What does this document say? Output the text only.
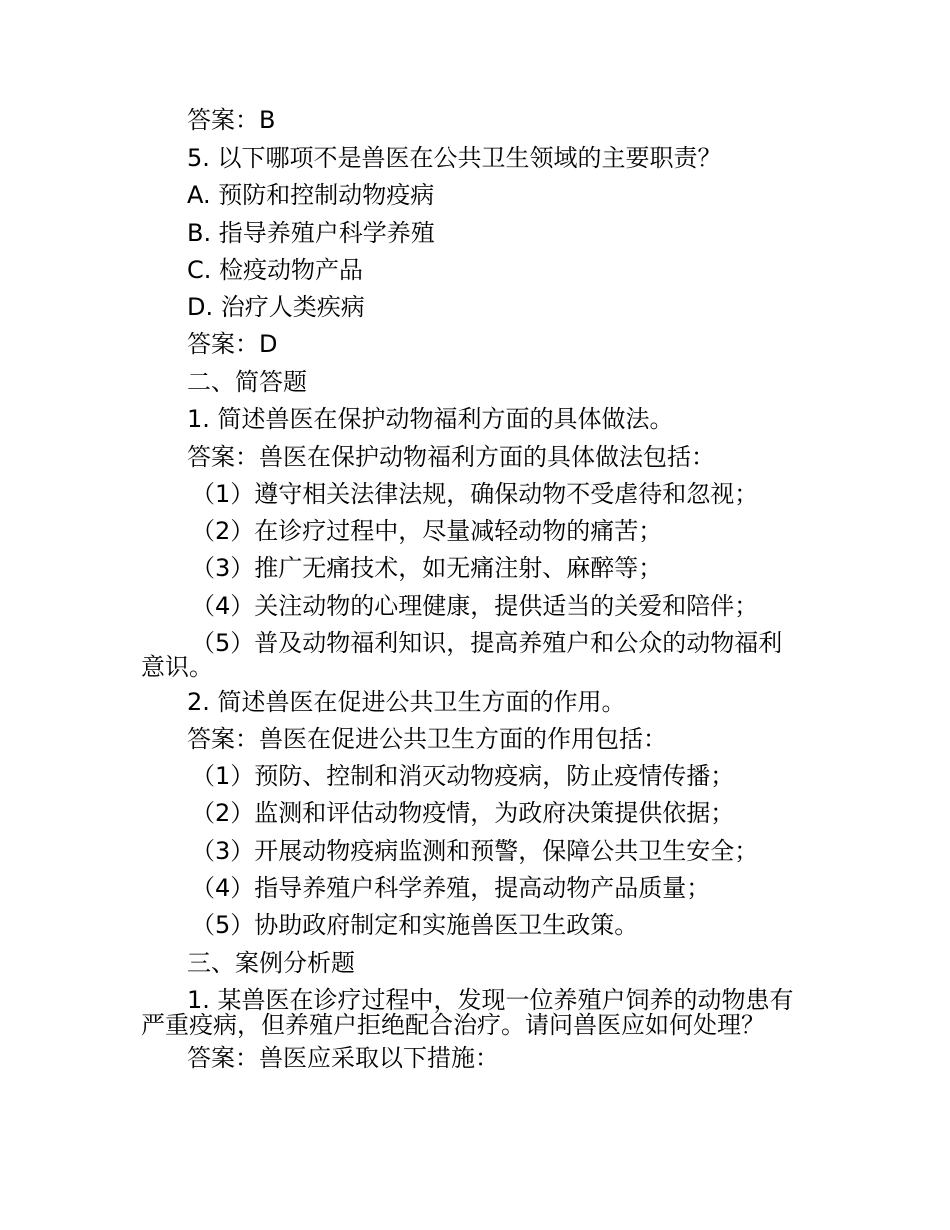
答案：B
5. 以下哪项不是兽医在公共卫生领域的主要职责？
A. 预防和控制动物疫病
B. 指导养殖户科学养殖
C. 检疫动物产品
D. 治疗人类疾病
答案：D
二、简答题
1. 简述兽医在保护动物福利方面的具体做法。
答案：兽医在保护动物福利方面的具体做法包括：
（1）遵守相关法律法规，确保动物不受虐待和忽视；
（2）在诊疗过程中，尽量减轻动物的痛苦；
（3）推广无痛技术，如无痛注射、麻醉等；
（4）关注动物的心理健康，提供适当的关爱和陪伴；
（5）普及动物福利知识，提高养殖户和公众的动物福利
意识。
2. 简述兽医在促进公共卫生方面的作用。
答案：兽医在促进公共卫生方面的作用包括：
（1）预防、控制和消灭动物疫病，防止疫情传播；
（2）监测和评估动物疫情，为政府决策提供依据；
（3）开展动物疫病监测和预警，保障公共卫生安全；
（4）指导养殖户科学养殖，提高动物产品质量；
（5）协助政府制定和实施兽医卫生政策。
三、案例分析题
1. 某兽医在诊疗过程中，发现一位养殖户饲养的动物患有
严重疫病，但养殖户拒绝配合治疗。请问兽医应如何处理？
答案：兽医应采取以下措施：
